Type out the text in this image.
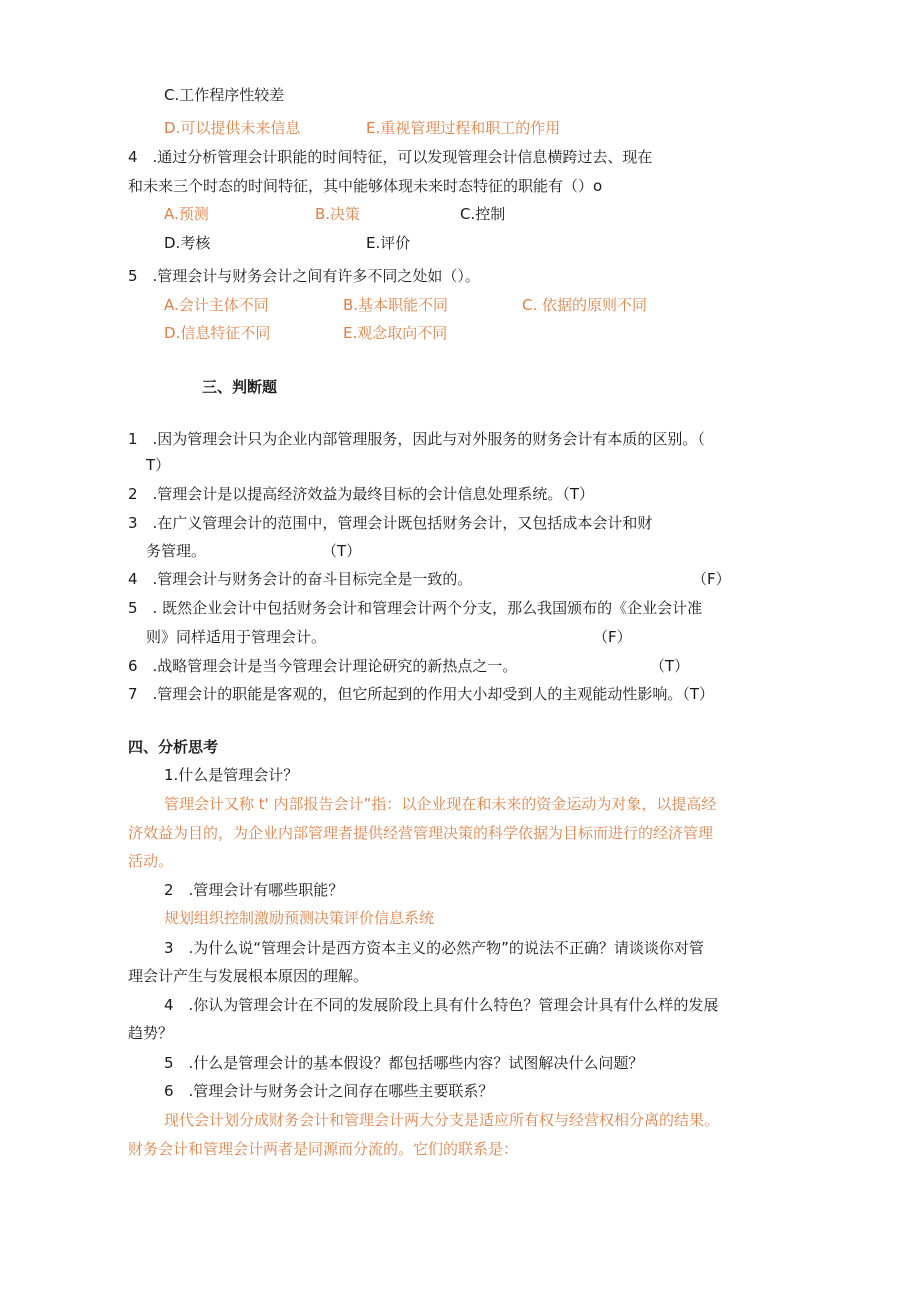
C.工作程序性较差
D.可以提供未来信息	E.重视管理过程和职工的作用
4　.通过分析管理会计职能的时间特征，可以发现管理会计信息横跨过去、现在
和未来三个时态的时间特征，其中能够体现未来时态特征的职能有（）o
A.预测	B.决策	C.控制
D.考核	E.评价
5　.管理会计与财务会计之间有许多不同之处如（）。
A.会计主体不同	B.基本职能不同	C. 依据的原则不同
D.信息特征不同	E.观念取向不同
三、判断题
1　.因为管理会计只为企业内部管理服务，因此与对外服务的财务会计有本质的区别。（
T）
2　.管理会计是以提高经济效益为最终目标的会计信息处理系统。（T）
3　.在广义管理会计的范围中，管理会计既包括财务会计，又包括成本会计和财
务管理。	（T）
4　.管理会计与财务会计的奋斗目标完全是一致的。	（F）
5　. 既然企业会计中包括财务会计和管理会计两个分支，那么我国颁布的《企业会计准
则》同样适用于管理会计。	（F）
6　.战略管理会计是当今管理会计理论研究的新热点之一。	（T）
7　.管理会计的职能是客观的，但它所起到的作用大小却受到人的主观能动性影响。（T）
四、分析思考
1.什么是管理会计？
管理会计又称 t' 内部报告会计”指：以企业现在和未来的资金运动为对象，以提高经
济效益为目的，为企业内部管理者提供经营管理决策的科学依据为目标而进行的经济管理
活动。
2　.管理会计有哪些职能？
规划组织控制激励预测决策评价信息系统
3　.为什么说“管理会计是西方资本主义的必然产物”的说法不正确？请谈谈你对管
理会计产生与发展根本原因的理解。
4　.你认为管理会计在不同的发展阶段上具有什么特色？管理会计具有什么样的发展
趋势？
5　.什么是管理会计的基本假设？都包括哪些内容？试图解决什么问题？
6　.管理会计与财务会计之间存在哪些主要联系？
现代会计划分成财务会计和管理会计两大分支是适应所有权与经营权相分离的结果。
财务会计和管理会计两者是同源而分流的。它们的联系是：
